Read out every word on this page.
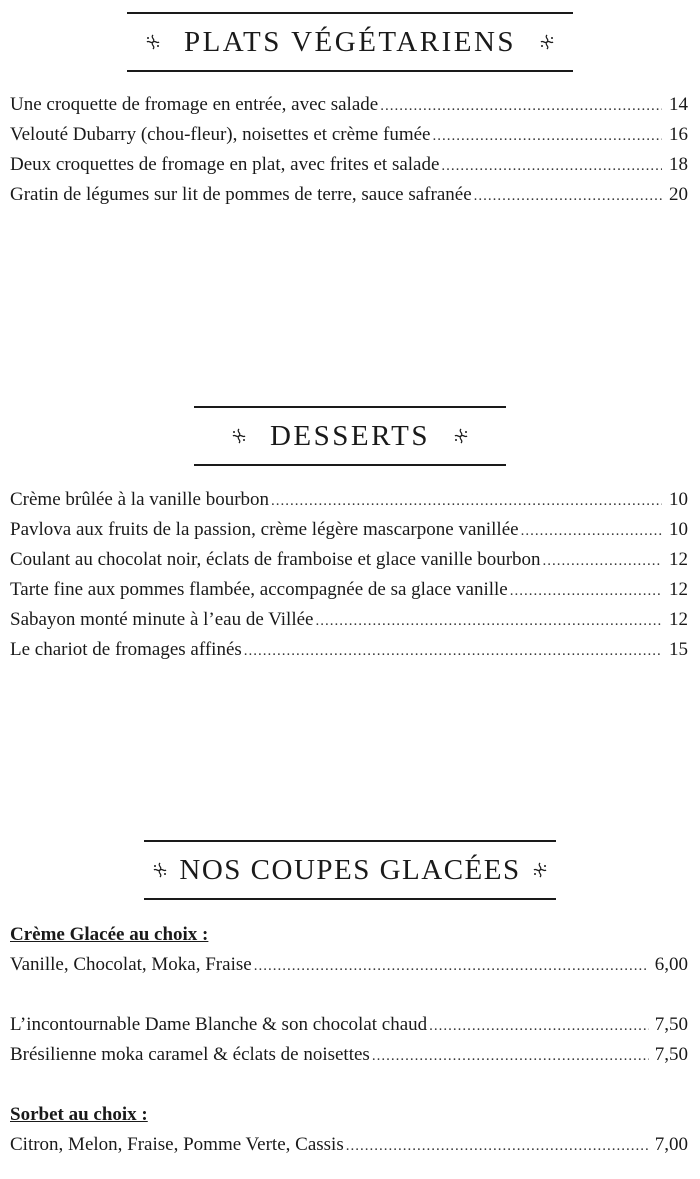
PLATS VÉGÉTARIENS
Une croquette de fromage en entrée, avec salade .....	14
Velouté Dubarry (chou-fleur), noisettes et crème fumée .....	16
Deux croquettes de fromage en plat, avec frites et salade .....	18
Gratin de légumes sur lit de pommes de terre, sauce safranée .....	20
DESSERTS
Crème brûlée à la vanille bourbon .....	10
Pavlova aux fruits de la passion, crème légère mascarpone vanillée .....	10
Coulant au chocolat noir, éclats de framboise et glace vanille bourbon .....	12
Tarte fine aux pommes flambée, accompagnée de sa glace vanille .....	12
Sabayon monté minute à l’eau de Villée .....	12
Le chariot de fromages affinés .....	15
NOS COUPES GLACÉES
Crème Glacée au choix :
Vanille, Chocolat, Moka, Fraise .....	6,00
L’incontournable Dame Blanche & son chocolat chaud .....	7,50
Brésilienne moka caramel & éclats de noisettes .....	7,50
Sorbet au choix :
Citron, Melon, Fraise, Pomme Verte, Cassis .....	7,00
